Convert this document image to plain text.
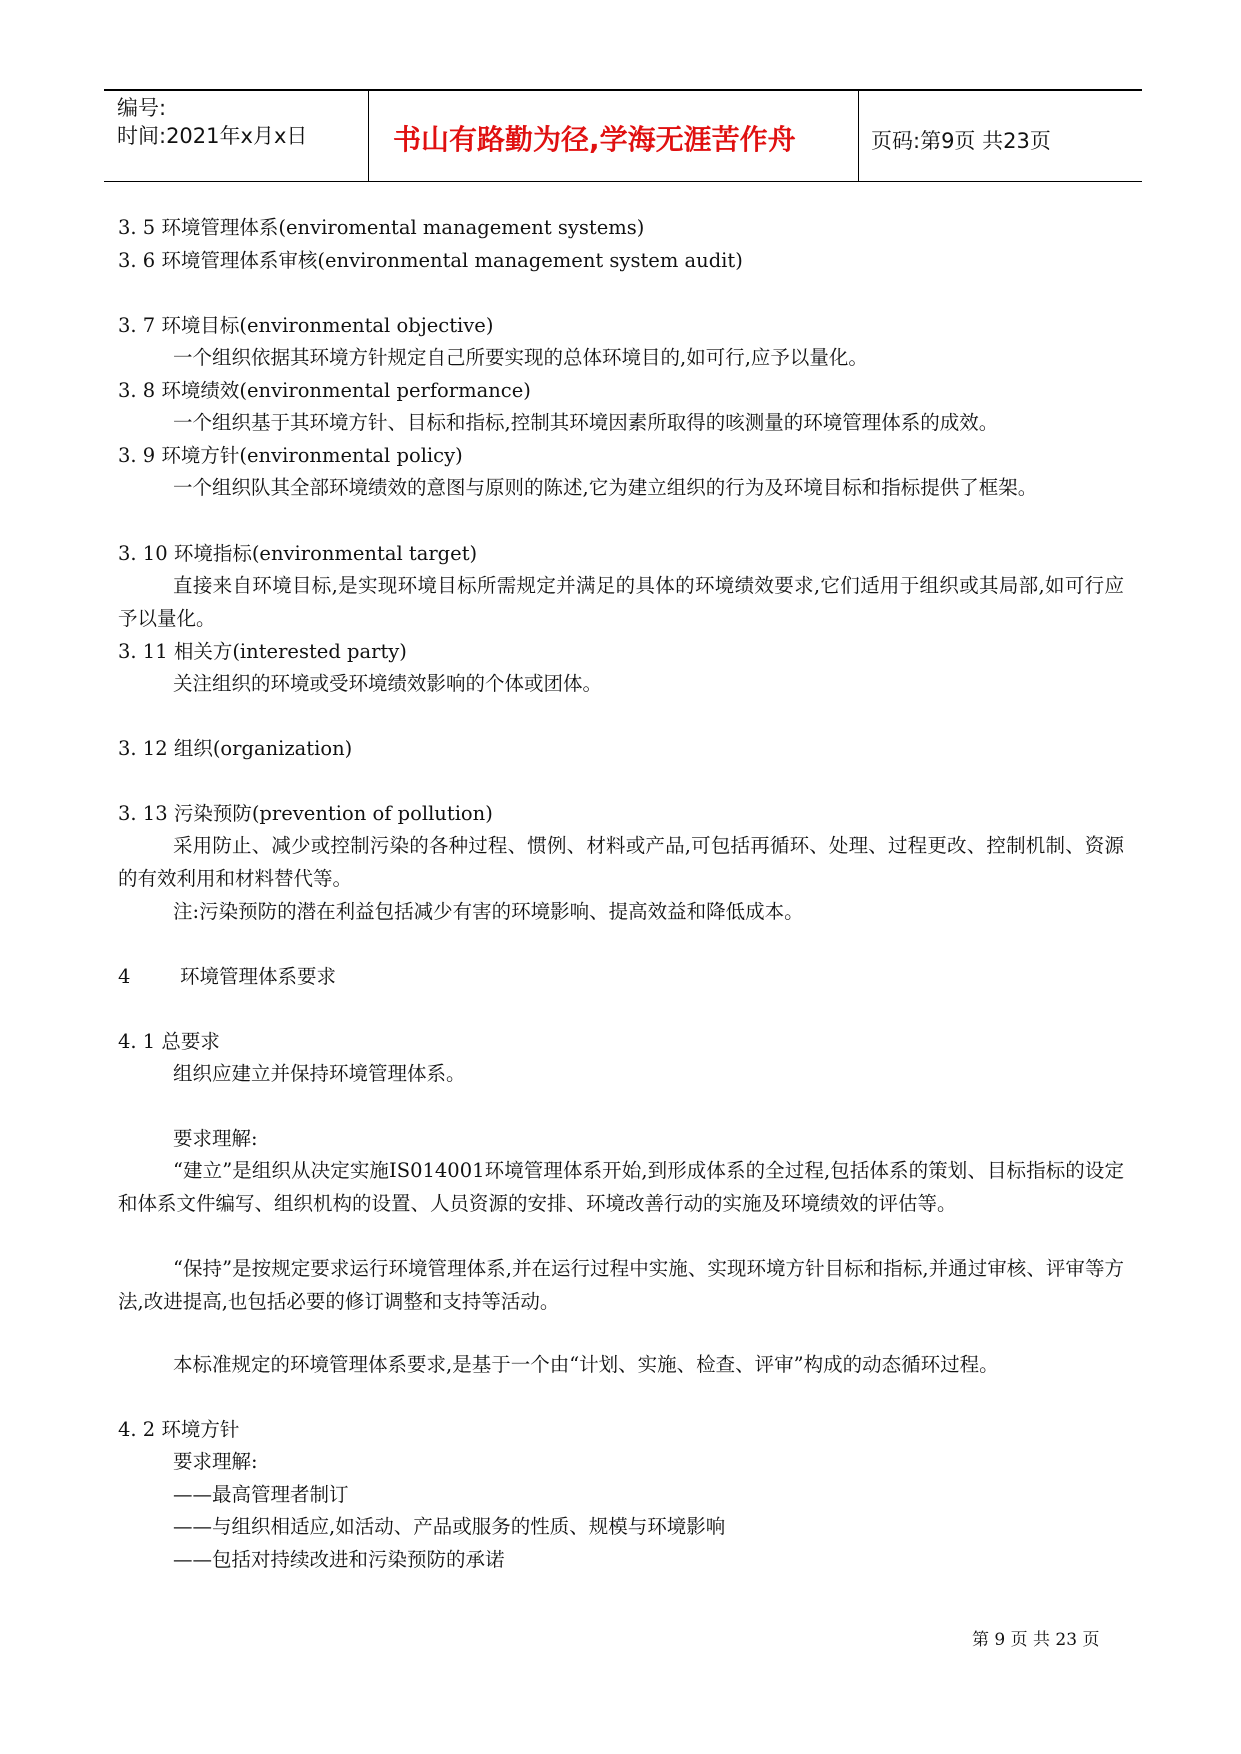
编号:
时间:2021年x月x日	书山有路勤为径,学海无涯苦作舟	页码:第9页 共23页
3. 5 环境管理体系(enviromental management systems)
3. 6 环境管理体系审核(environmental management system audit)
3. 7 环境目标(environmental objective)
一个组织依据其环境方针规定自己所要实现的总体环境目的,如可行,应予以量化。
3. 8 环境绩效(environmental performance)
一个组织基于其环境方针、目标和指标,控制其环境因素所取得的咳测量的环境管理体系的成效。
3. 9 环境方针(environmental policy)
一个组织队其全部环境绩效的意图与原则的陈述,它为建立组织的行为及环境目标和指标提供了框架。
3. 10 环境指标(environmental target)
直接来自环境目标,是实现环境目标所需规定并满足的具体的环境绩效要求,它们适用于组织或其局部,如可行应予以量化。
3. 11 相关方(interested party)
关注组织的环境或受环境绩效影响的个体或团体。
3. 12 组织(organization)
3. 13 污染预防(prevention of pollution)
采用防止、减少或控制污染的各种过程、惯例、材料或产品,可包括再循环、处理、过程更改、控制机制、资源的有效利用和材料替代等。
注:污染预防的潜在利益包括减少有害的环境影响、提高效益和降低成本。
4	环境管理体系要求
4. 1 总要求
组织应建立并保持环境管理体系。
要求理解:
“建立”是组织从决定实施IS014001环境管理体系开始,到形成体系的全过程,包括体系的策划、目标指标的设定和体系文件编写、组织机构的设置、人员资源的安排、环境改善行动的实施及环境绩效的评估等。
“保持”是按规定要求运行环境管理体系,并在运行过程中实施、实现环境方针目标和指标,并通过审核、评审等方法,改进提高,也包括必要的修订调整和支持等活动。
本标准规定的环境管理体系要求,是基于一个由“计划、实施、检查、评审”构成的动态循环过程。
4. 2 环境方针
要求理解:
——最高管理者制订
——与组织相适应,如活动、产品或服务的性质、规模与环境影响
——包括对持续改进和污染预防的承诺
第 9 页 共 23 页
